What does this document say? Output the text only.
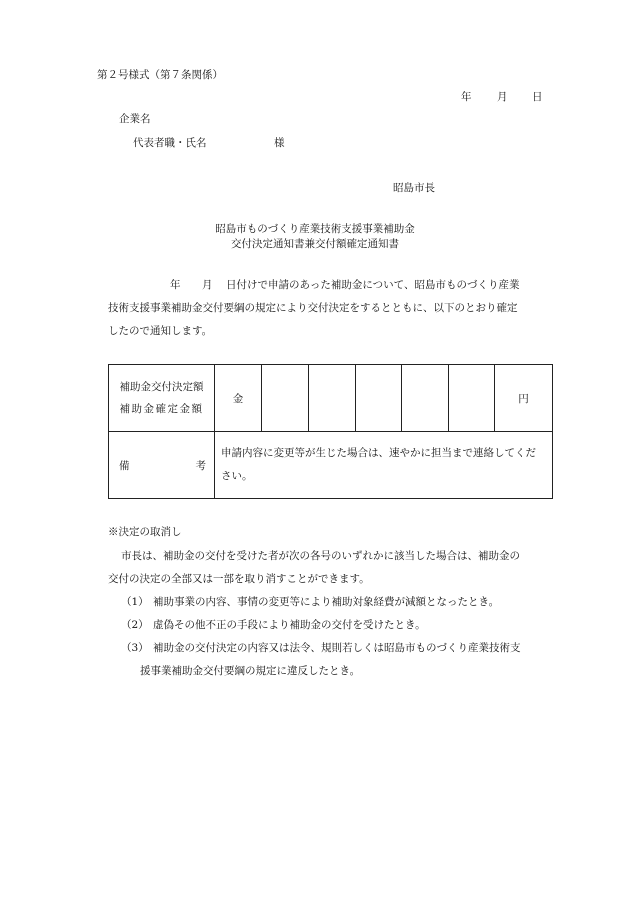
第２号様式（第７条関係）
年 月 日
企業名
代表者職・氏名	様
昭島市長
昭島市ものづくり産業技術支援事業補助金
交付決定通知書兼交付額確定通知書
年 月 日付けで申請のあった補助金について、昭島市ものづくり産業
技術支援事業補助金交付要綱の規定により交付決定をするとともに、以下のとおり確定
したので通知します。
補助金交付決定額
補助金確定金額	金						円

備 考	申請内容に変更等が生じた場合は、速やかに担当まで連絡してください。						
※決定の取消し
市長は、補助金の交付を受けた者が次の各号のいずれかに該当した場合は、補助金の
交付の決定の全部又は一部を取り消すことができます。
（1） 補助事業の内容、事情の変更等により補助対象経費が減額となったとき。
（2） 虚偽その他不正の手段により補助金の交付を受けたとき。
（3） 補助金の交付決定の内容又は法令、規則若しくは昭島市ものづくり産業技術支
援事業補助金交付要綱の規定に違反したとき。
